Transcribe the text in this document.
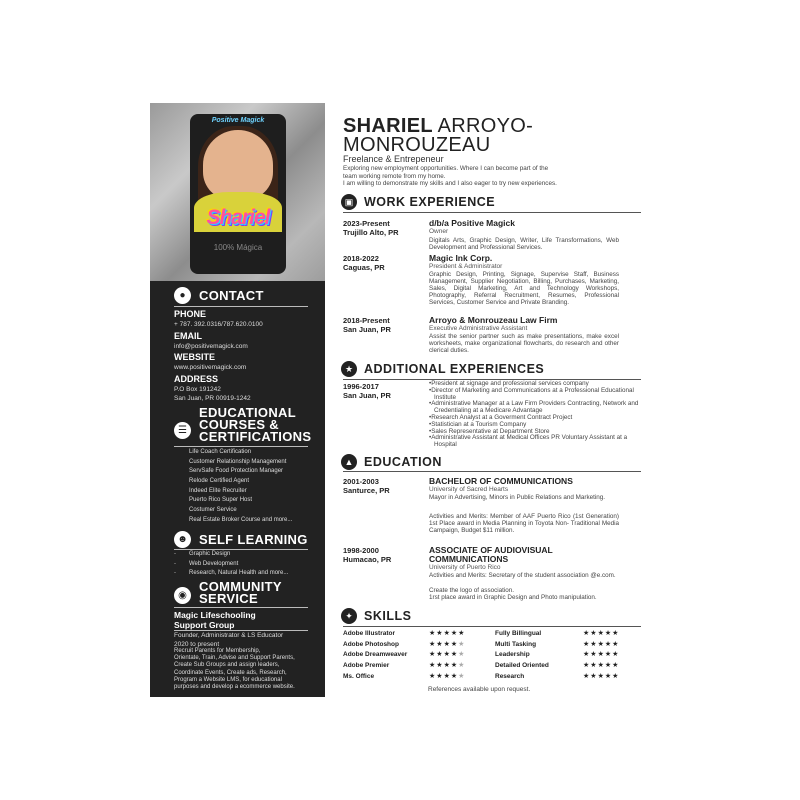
Positive Magick
Shariel
100% Mágica
●	CONTACT
PHONE
+ 787. 392.0316/787.620.0100
EMAIL
info@positivemagick.com
WEBSITE
www.positivemagick.com
ADDRESS
P.O Box 191242
San Juan, PR 00919-1242
☰
EDUCATIONAL
COURSES &
CERTIFICATIONS
Life Coach Certification
Customer Relationship Management
ServSafe Food Protection Manager
Relode Certified Agent
Indeed Elite Recruiter
Puerto Rico Super Host
Costumer Service
Real Estate Broker Course and more...
☻ SELF LEARNING
- Graphic Design
- Web Development
- Research, Natural Health and more...
◉
COMMUNITY
SERVICE
Magic Lifeschooling
Support Group
Founder, Administrator & LS Educator
2020 to present
Recruit Parents for Membership,
Orientate, Train, Advise and Support Parents,
Create Sub Groups and assign leaders,
Coordinate Events, Create ads, Research,
Program a Website LMS, for educational
purposes and develop a ecommerce website.
SHARIEL ARROYO-
MONROUZEAU
Freelance & Entrepeneur
Exploring new employment opportunities. Where I can become part of the
team working remote from my home.
I am willing to demonstrate my skills and I also eager to try new experiences.
▣ WORK EXPERIENCE
2023-Present
Trujillo Alto, PR
d/b/a Positive Magick
Owner
Digitals Arts, Graphic Design, Writer, Life Transformations, Web Development and Professional Services.
2018-2022
Caguas, PR
Magic Ink Corp.
President & Administrator
Graphic Design, Printing, Signage, Supervise Staff, Business Management, Supplier Negotiation, Billing, Purchases, Marketing, Sales, Digital Marketing, Art and Technology Workshops, Photography, Referral Recruitment, Resumes, Professional Services, Customer Service and Private Branding.
2018-Present
San Juan, PR
Arroyo & Monrouzeau Law Firm
Executive Administrative Assistant
Assist the senior partner such as make presentations, make excel worksheets, make organizational flowcharts, do research and other clerical duties.
★ ADDITIONAL EXPERIENCES
1996-2017
San Juan, PR
•President at signage and professional services company
•Director of Marketing and Communications at a Professional Educational Institute
•Administrative Manager at a Law Firm Providers Contracting, Network and Credentialing at a Medicare Advantage
•Research Analyst at a Goverment Contract Project
•Statistician at a Tourism Company
•Sales Representative at Department Store
•Administrative Assistant at Medical Offices PR Voluntary Assistant at a Hospital
▲ EDUCATION
2001-2003
Santurce, PR
BACHELOR OF COMMUNICATIONS
University of Sacred Hearts
Mayor in Advertising, Minors in Public Relations and Marketing.
Activities and Merits: Member of AAF Puerto Rico (1st Generation) 1st Place award in Media Planning in Toyota Non- Traditional Media Campaign, Budget $11 million.
1998-2000
Humacao, PR
ASSOCIATE OF AUDIOVISUAL
COMMUNICATIONS
University of Puerto Rico
Activities and Merits: Secretary of the student association @e.com.
Create the logo of association.
1rst place award in Graphic Design and Photo manipulation.
✦ SKILLS
Adobe Illustrator
Adobe Photoshop
Adobe Dreamweaver
Adobe Premier
Ms. Office
★★★★★
★★★★★
★★★★★
★★★★★
★★★★★
Fully Billingual
Multi Tasking
Leadership
Detailed Oriented
Research
★★★★★
★★★★★
★★★★★
★★★★★
★★★★★
References available upon request.
